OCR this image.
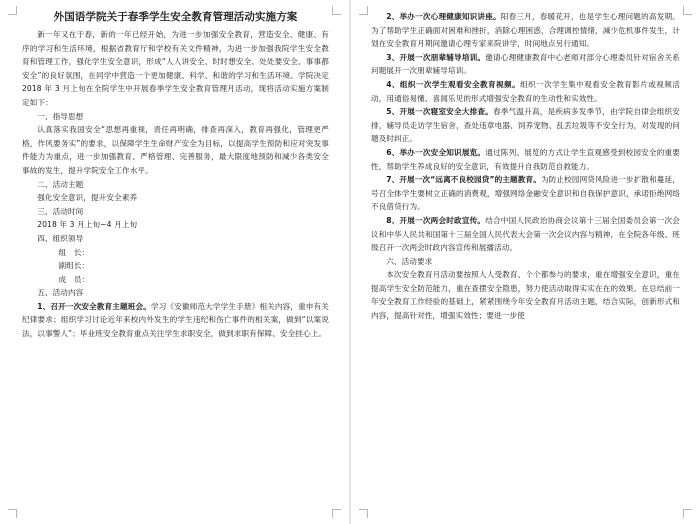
外国语学院关于春季学生安全教育管理活动实施方案

新一年又在于春，新的一年已经开始，为进一步加强安全教育，营造安全、健康、有序的学习和生活环境，根据省教育厅和学校有关文件精神，为进一步加强我院学生安全教育和管理工作，强化学生安全意识，形成“人人讲安全、时时想安全、处处要安全、事事都安全”的良好氛围，在同学中营造一个更加健康、科学、和谐的学习和生活环境。学院决定 2018 年 3 月上旬在全院学生中开展春季学生安全教育管理月活动，现将活动实施方案制定如下：

一、指导思想

认真落实我国安全“思想再重视，责任再明确，排查再深入，教育再强化，管理更严格，作风要务实”的要求，以保障学生生命财产安全为目标，以提高学生预防和应对突发事件能力为重点，进一步加强教育、严格管理、完善服务，最大限度地预防和减少各类安全事故的发生，提升学院安全工作水平。

二、活动主题

强化安全意识，提升安全素养

三、活动时间

2018 年 3 月上旬~4 月上旬

四、组织领导

组　长：

副组长：

成　员：

五、活动内容

1、召开一次安全教育主题班会。学习《安徽师范大学学生手册》相关内容，重申有关纪律要求；组织学习讨论近年来校内外发生的学生违纪和伤亡事件的相关案，做到“以案说法，以事警人”；毕业班安全教育重点关注学生求职安全，做到求职有保障、安全挂心上。

2、举办一次心理健康知识讲座。阳春三月，春暖花开，也是学生心理问题的高发期。为了帮助学生正确面对困难和挫折，消除心理困惑，合理调控情绪，减少危机事件发生，计划在安全教育月期间邀请心理专家来院讲学，时间地点另行通知。

3、开展一次朋辈辅导培训。邀请心理健康教育中心老师对部分心理委员针对宿舍关系问题展开一次朋辈辅导培训。

4、组织一次学生观看安全教育视频。组织一次学生集中观看安全教育影片或视频活动，用通俗易懂、喜闻乐见的形式增强安全教育的生动性和实效性。

5、开展一次寝室安全大排查。春季气温升高，是疾病多发季节，由学院自律会组织安排，辅导员走访学生宿舍，查处违章电器、饲养宠物、乱丢垃圾等不安全行为，对发现的问题及时纠正。

6、举办一次安全知识展览。通过陈列、展览的方式让学生直观感受到校园安全的重要性，帮助学生养成良好的安全意识，有效提升自我防范自救能力。

7、开展一次“远离不良校园贷”的主题教育。为防止校园网贷风险进一步扩散和蔓延，号召全体学生要树立正确的消费观，增强网络金融安全意识和自我保护意识，承诺拒绝网络不良借贷行为。

8、开展一次两会时政宣传。结合中国人民政治协商会议第十三届全国委员会第一次会议和中华人民共和国第十三届全国人民代表大会第一次会议内容与精神，在全院各年级、班级召开一次两会时政内容宣传和展播活动。

六、活动要求

本次安全教育月活动要按照人人受教育、个个都参与的要求，重在增强安全意识，重在提高学生安全防范能力，重在查摆安全隐患，努力使活动取得实实在在的效果。在总结前一年安全教育工作经验的基础上，紧紧围绕今年安全教育月活动主题，结合实际，创新形式和内容，提高针对性，增强实效性；要进一步使
